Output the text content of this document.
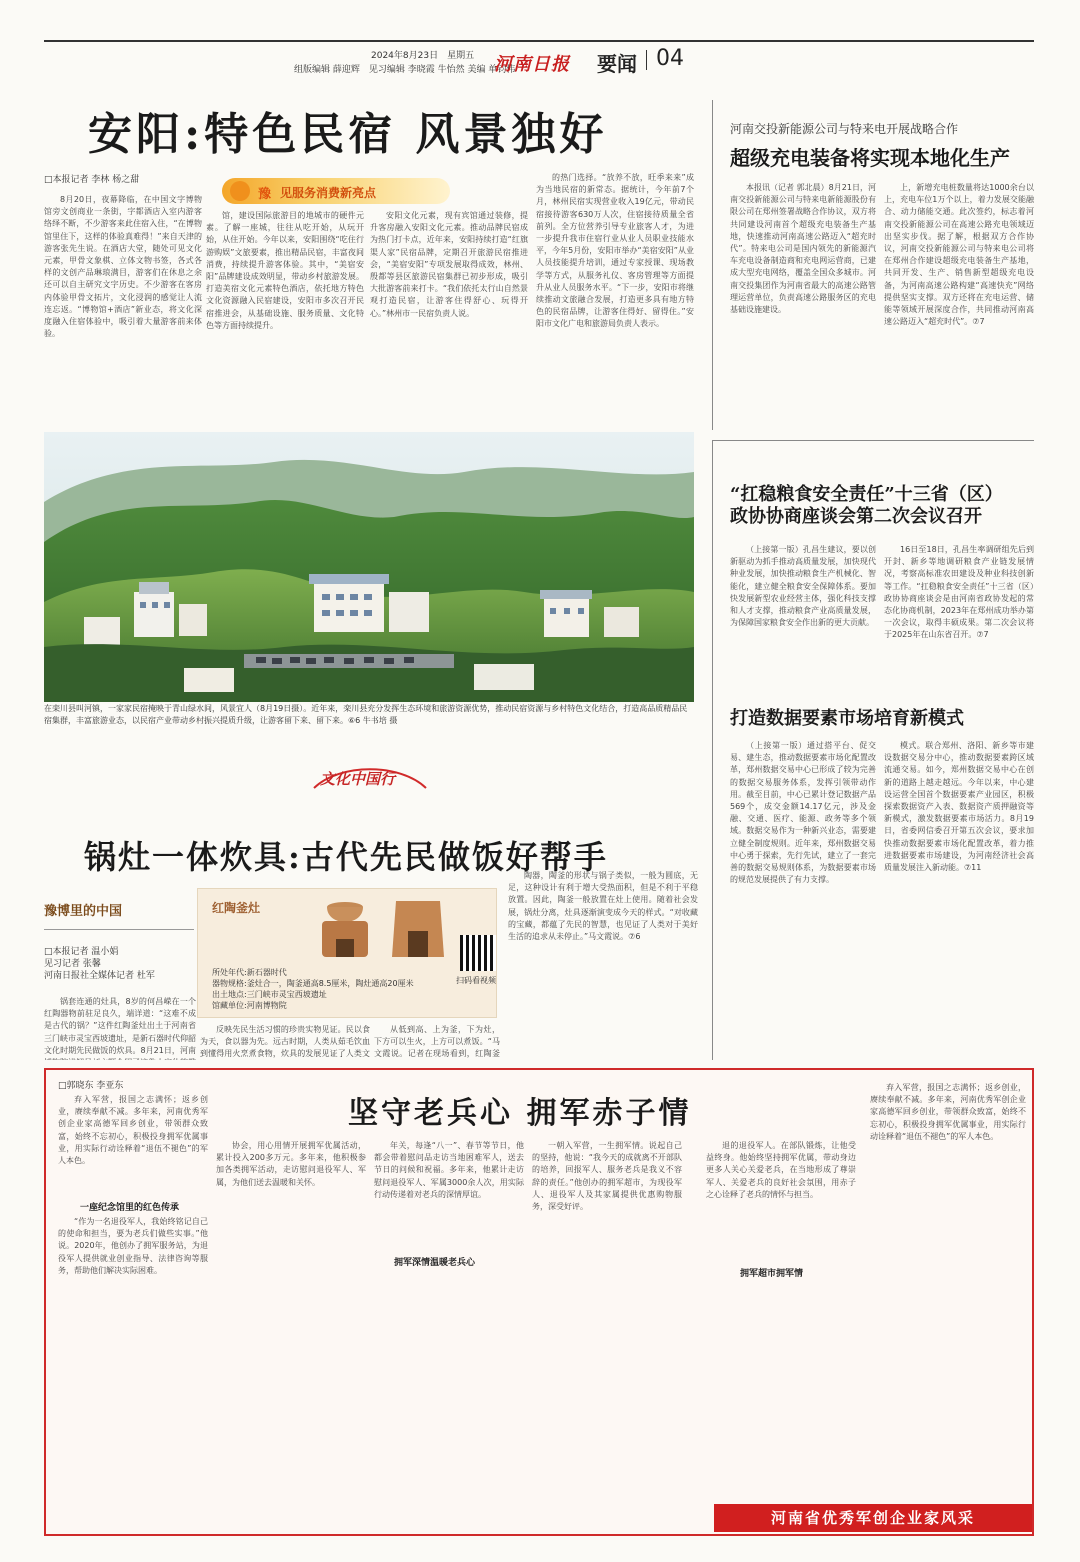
2024年8月23日　星期五
组版编辑 薛迎辉　见习编辑 李晓霞 牛怡然 美编 单钧伟
河南日报 要闻 04
安阳:特色民宿 风景独好
□本报记者 李林 杨之甜
豫 见服务消费新亮点

8月20日，夜幕降临，在中国文字博物馆旁文创商业一条街，字都酒店入室内游客络绎不断，不少游客来此住宿入住，“在博物馆里住下，这样的体验真难得！”来自天津的游客张先生说。在酒店大堂，随处可见文化元素，甲骨文象棋、立体文物书签，各式各样的文创产品琳琅满目，游客们在休息之余还可以自主研究文字历史。不少游客在客房内体验甲骨文拓片，文化浸润的感觉让人流连忘返。“博物馆+酒店”新业态，将文化深度融入住宿体验中，吸引着大量游客前来体验。

馆，建设国际旅游目的地城市的硬件元素。了解一座城，往往从吃开始，从玩开始，从住开始。今年以来，安阳围绕“吃住行游购娱”文旅要素，推出精品民宿，丰富夜间消费，持续提升游客体验。其中，“美宿安阳”品牌建设成效明显，带动乡村旅游发展。打造美宿文化元素特色酒店，依托地方特色文化资源融入民宿建设，安阳市多次召开民宿推进会，从基础设施、服务质量、文化特色等方面持续提升。

安阳文化元素，现有宾馆通过装修，提升客房融入安阳文化元素。推动品牌民宿成为热门打卡点，近年来，安阳持续打造“红旗渠人家”民宿品牌，定期召开旅游民宿推进会，“美宿安阳”专项发展取得成效，林州、殷都等县区旅游民宿集群已初步形成，吸引大批游客前来打卡。“我们依托太行山自然景观打造民宿，让游客住得舒心、玩得开心。”林州市一民宿负责人说。

的热门选择。“放养不放，旺季来来”成为当地民宿的新常态。据统计，今年前7个月，林州民宿实现营业收入19亿元，带动民宿接待游客630万人次，住宿接待质量全省前列。全方位营养引导专业旅客人才，为进一步提升我市住宿行业从业人员职业技能水平，今年5月份，安阳市举办“美宿安阳”从业人员技能提升培训，通过专家授课、现场教学等方式，从服务礼仪、客房管理等方面提升从业人员服务水平。“下一步，安阳市将继续推动文旅融合发展，打造更多具有地方特色的民宿品牌，让游客住得好、留得住。”安阳市文化广电和旅游局负责人表示。

河南交投新能源公司与特来电开展战略合作
超级充电装备将实现本地化生产

本报讯（记者 郭北晨）8月21日，河南交投新能源公司与特来电新能源股份有限公司在郑州签署战略合作协议，双方将共同建设河南首个超级充电装备生产基地，快速推动河南高速公路迈入“超充时代”。特来电公司是国内领先的新能源汽车充电设备制造商和充电网运营商，已建成大型充电网络，覆盖全国众多城市。河南交投集团作为河南省最大的高速公路管理运营单位，负责高速公路服务区的充电基础设施建设。

上，新增充电桩数量将达1000余台以上，充电车位1万个以上，着力发展交能融合、动力储能交通。此次签约，标志着河南交投新能源公司在高速公路充电领域迈出坚实步伐。据了解，根据双方合作协议，河南交投新能源公司与特来电公司将在郑州合作建设超级充电装备生产基地，共同开发、生产、销售新型超级充电设备，为河南高速公路构建“高速快充”网络提供坚实支撑。双方还将在充电运营、储能等领域开展深度合作，共同推动河南高速公路迈入“超充时代”。⑦7

“扛稳粮食安全责任”十三省（区）
政协协商座谈会第二次会议召开

（上接第一版）孔昌生建议，要以创新驱动为抓手推动高质量发展，加快现代种业发展，加快推动粮食生产机械化、智能化，建立健全粮食安全保障体系。要加快发展新型农业经营主体，强化科技支撑和人才支撑，推动粮食产业高质量发展，为保障国家粮食安全作出新的更大贡献。

16日至18日，孔昌生率调研组先后到开封、新乡等地调研粮食产业链发展情况，考察高标准农田建设及种业科技创新等工作。“扛稳粮食安全责任”十三省（区）政协协商座谈会是由河南省政协发起的常态化协商机制，2023年在郑州成功举办第一次会议，取得丰硕成果。第二次会议将于2025年在山东省召开。⑦7

打造数据要素市场培育新模式

（上接第一版）通过搭平台、促交易、建生态，推动数据要素市场化配置改革，郑州数据交易中心已形成了较为完善的数据交易服务体系，发挥引领带动作用。截至目前，中心已累计登记数据产品569个，成交金额14.17亿元，涉及金融、交通、医疗、能源、政务等多个领域。数据交易作为一种新兴业态，需要建立健全制度规则。近年来，郑州数据交易中心勇于探索，先行先试，建立了一套完善的数据交易规则体系，为数据要素市场的规范发展提供了有力支撑。

模式。联合郑州、洛阳、新乡等市建设数据交易分中心，推动数据要素跨区域流通交易。如今，郑州数据交易中心在创新的道路上越走越远。今年以来，中心建设运营全国首个数据要素产业园区，积极探索数据资产入表、数据资产质押融资等新模式，激发数据要素市场活力。8月19日，省委网信委召开第五次会议，要求加快推动数据要素市场化配置改革，着力推进数据要素市场建设，为河南经济社会高质量发展注入新动能。⑦11

在栾川县叫河镇，一家家民宿掩映于青山绿水间，风景宜人（8月19日摄）。近年来，栾川县充分发挥生态环境和旅游资源优势，推动民宿资源与乡村特色文化结合，打造高品质精品民宿集群，丰富旅游业态，以民宿产业带动乡村振兴提质升级，让游客留下来、留下来。⑥6 牛书培 摄
文化中国行
锅灶一体炊具:古代先民做饭好帮手
豫博里的中国
□本报记者 温小娟
见习记者 张馨
河南日报社全媒体记者 杜军
红陶釜灶
所处年代:新石器时代
器物规格:釜灶合一，陶釜通高8.5厘米，陶灶通高20厘米
出土地点:三门峡市灵宝西坡遗址
馆藏单位:河南博物院
扫码看视频

锅套连通的灶具，8岁的何昌嵘在一个红陶器物前驻足良久，端详道：“这难不成是古代的锅？”这件红陶釜灶出土于河南省三门峡市灵宝西坡遗址，是新石器时代仰韶文化时期先民做饭的炊具。8月21日，河南

反映先民生活习惯的珍贵实物见证。民以食为天，食以器为先。远古时期，人类从茹毛饮血到懂得用火烹煮食物，炊具的发展见证了人类文

从低到高、上为釜，下为灶，下方可以生火，上方可以煮饭。“马文霞说。记者在现场看到，红陶釜

陶器，陶釜的形状与锅子类似，一般为圆底，无足，这种设计有利于增大受热面积，但是不利于平稳放置。因此，陶釜一般放置在灶上使用。随着社会发展，锅灶分离，灶具逐渐演变成今天的样式。“对收藏的宝藏，都蕴了先民的智慧，也见证了人类对于美好生活的追求从未停止。”马文霞说。⑦6

□郭晓东 李亚东
坚守老兵心 拥军赤子情

弃入军营，报国之志满怀；返乡创业，赓续奉献不减。多年来，河南优秀军创企业家高德军回乡创业，带领群众致富，始终不忘初心，积极投身拥军优属事业，用实际行动诠释着“退伍不褪色”的军人本色。

一座纪念馆里的红色传承

“作为一名退役军人，我始终铭记自己的使命和担当，要为老兵们做些实事。”他说。2020年，他创办了拥军服务站，为退役军人提供就业创业指导、法律咨询等服务，帮助他们解决实际困难。

协会，用心用情开展拥军优属活动，累计投入200多万元。多年来，他积极参加各类拥军活动，走访慰问退役军人、军属，为他们送去温暖和关怀。

拥军深情温暖老兵心

年关，每逢“八一”、春节等节日，他都会带着慰问品走访当地困难军人，送去节日的问候和祝福。多年来，他累计走访慰问退役军人、军属3000余人次，用实际行动传递着对老兵的深情厚谊。

一朝入军营，一生拥军情。说起自己的坚持，他说：“我今天的成就离不开部队的培养，回报军人、服务老兵是我义不容辞的责任。”他创办的拥军超市，为现役军人、退役军人及其家属提供优惠购物服务，深受好评。

拥军超市拥军情

退的退役军人。在部队锻炼，让他受益终身。他始终坚持拥军优属，带动身边更多人关心关爱老兵，在当地形成了尊崇军人、关爱老兵的良好社会氛围，用赤子之心诠释了老兵的情怀与担当。

弃入军营，报国之志满怀；返乡创业，赓续奉献不减。多年来，河南优秀军创企业家高德军回乡创业，带领群众致富，始终不忘初心，积极投身拥军优属事业，用实际行动诠释着“退伍不褪色”的军人本色。

河南省优秀军创企业家风采
